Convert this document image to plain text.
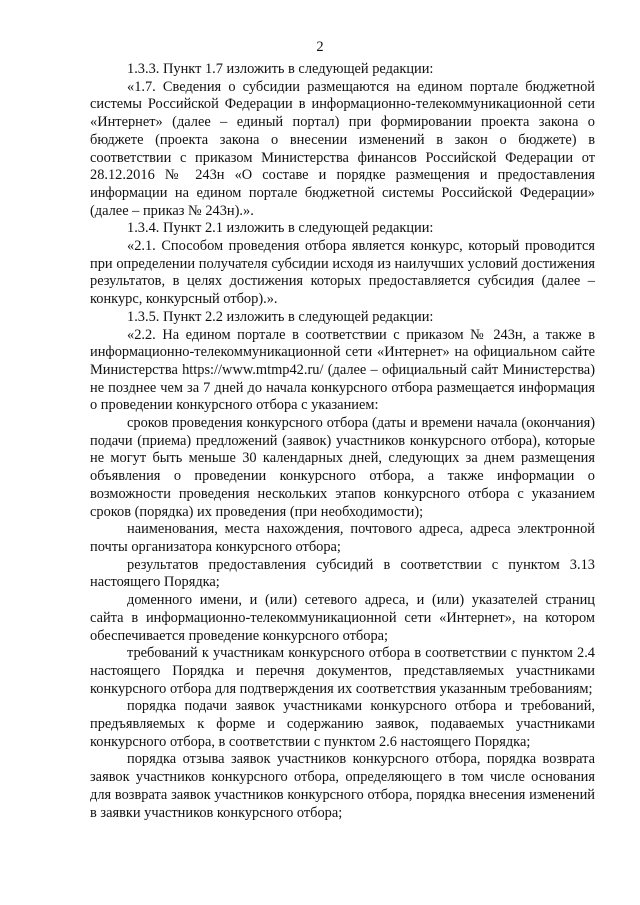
2

1.3.3. Пункт 1.7 изложить в следующей редакции:

«1.7. Сведения о субсидии размещаются на едином портале бюджетной системы Российской Федерации в информационно-телекоммуникационной сети «Интернет» (далее – единый портал) при формировании проекта закона о бюджете (проекта закона о внесении изменений в закон о бюджете) в соответствии с приказом Министерства финансов Российской Федерации от 28.12.2016 № 243н «О составе и порядке размещения и предоставления информации на едином портале бюджетной системы Российской Федерации» (далее – приказ № 243н).».

1.3.4. Пункт 2.1 изложить в следующей редакции:

«2.1. Способом проведения отбора является конкурс, который проводится при определении получателя субсидии исходя из наилучших условий достижения результатов, в целях достижения которых предоставляется субсидия (далее – конкурс, конкурсный отбор).».

1.3.5. Пункт 2.2 изложить в следующей редакции:

«2.2. На едином портале в соответствии с приказом № 243н, а также в информационно-телекоммуникационной сети «Интернет» на официальном сайте Министерства https://www.mtmp42.ru/ (далее – официальный сайт Министерства) не позднее чем за 7 дней до начала конкурсного отбора размещается информация о проведении конкурсного отбора с указанием:

сроков проведения конкурсного отбора (даты и времени начала (окончания) подачи (приема) предложений (заявок) участников конкурсного отбора), которые не могут быть меньше 30 календарных дней, следующих за днем размещения объявления о проведении конкурсного отбора, а также информации о возможности проведения нескольких этапов конкурсного отбора с указанием сроков (порядка) их проведения (при необходимости);

наименования, места нахождения, почтового адреса, адреса электронной почты организатора конкурсного отбора;

результатов предоставления субсидий в соответствии с пунктом 3.13 настоящего Порядка;

доменного имени, и (или) сетевого адреса, и (или) указателей страниц сайта в информационно-телекоммуникационной сети «Интернет», на котором обеспечивается проведение конкурсного отбора;

требований к участникам конкурсного отбора в соответствии с пунктом 2.4 настоящего Порядка и перечня документов, представляемых участниками конкурсного отбора для подтверждения их соответствия указанным требованиям;

порядка подачи заявок участниками конкурсного отбора и требований, предъявляемых к форме и содержанию заявок, подаваемых участниками конкурсного отбора, в соответствии с пунктом 2.6 настоящего Порядка;

порядка отзыва заявок участников конкурсного отбора, порядка возврата заявок участников конкурсного отбора, определяющего в том числе основания для возврата заявок участников конкурсного отбора, порядка внесения изменений в заявки участников конкурсного отбора;
